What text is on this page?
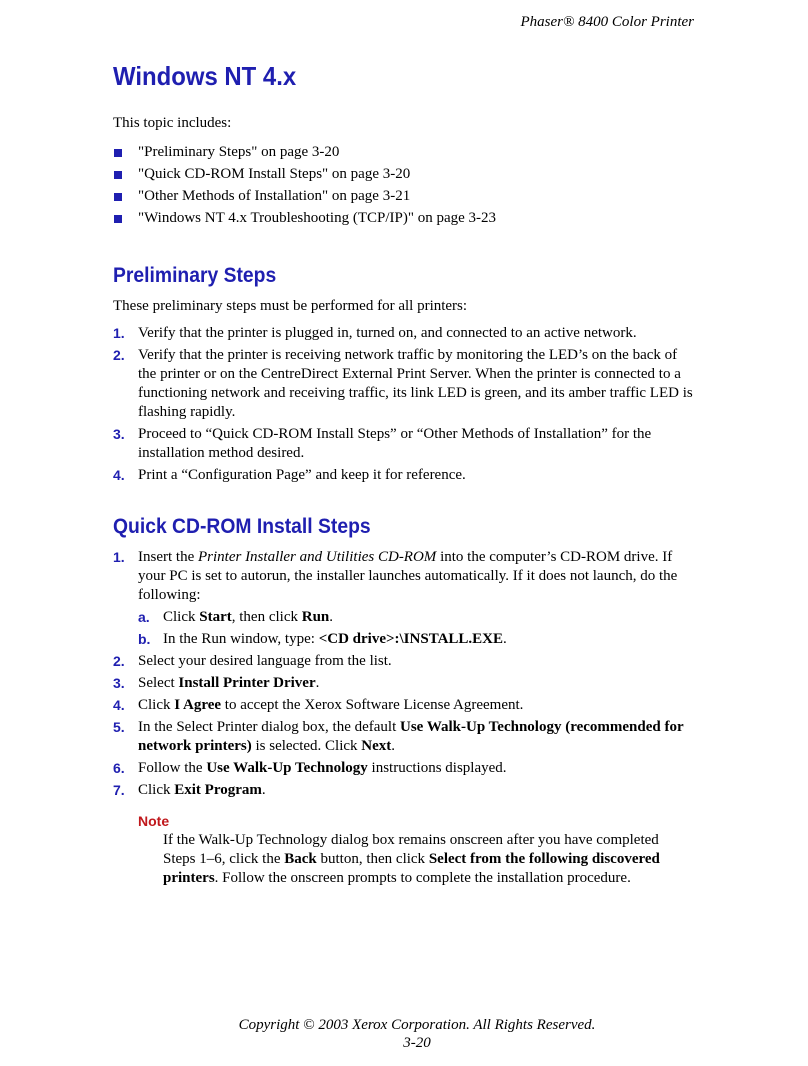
Phaser® 8400 Color Printer
Windows NT 4.x

This topic includes:

"Preliminary Steps" on page 3-20
"Quick CD-ROM Install Steps" on page 3-20
"Other Methods of Installation" on page 3-21
"Windows NT 4.x Troubleshooting (TCP/IP)" on page 3-23
Preliminary Steps

These preliminary steps must be performed for all printers:

1. Verify that the printer is plugged in, turned on, and connected to an active network.
2. Verify that the printer is receiving network traffic by monitoring the LED’s on the back of the printer or on the CentreDirect External Print Server. When the printer is connected to a functioning network and receiving traffic, its link LED is green, and its amber traffic LED is flashing rapidly.
3. Proceed to “Quick CD-ROM Install Steps” or “Other Methods of Installation” for the installation method desired.
4. Print a “Configuration Page” and keep it for reference.
Quick CD-ROM Install Steps
1. Insert the Printer Installer and Utilities CD-ROM into the computer’s CD-ROM drive. If your PC is set to autorun, the installer launches automatically. If it does not launch, do the following:
a. Click Start, then click Run.
b. In the Run window, type: <CD drive>:\INSTALL.EXE.
2. Select your desired language from the list.
3. Select Install Printer Driver.
4. Click I Agree to accept the Xerox Software License Agreement.
5. In the Select Printer dialog box, the default Use Walk-Up Technology (recommended for network printers) is selected. Click Next.
6. Follow the Use Walk-Up Technology instructions displayed.
7. Click Exit Program.
Note
If the Walk-Up Technology dialog box remains onscreen after you have completed Steps 1–6, click the Back button, then click Select from the following discovered printers. Follow the onscreen prompts to complete the installation procedure.
Copyright © 2003 Xerox Corporation. All Rights Reserved.
3-20
